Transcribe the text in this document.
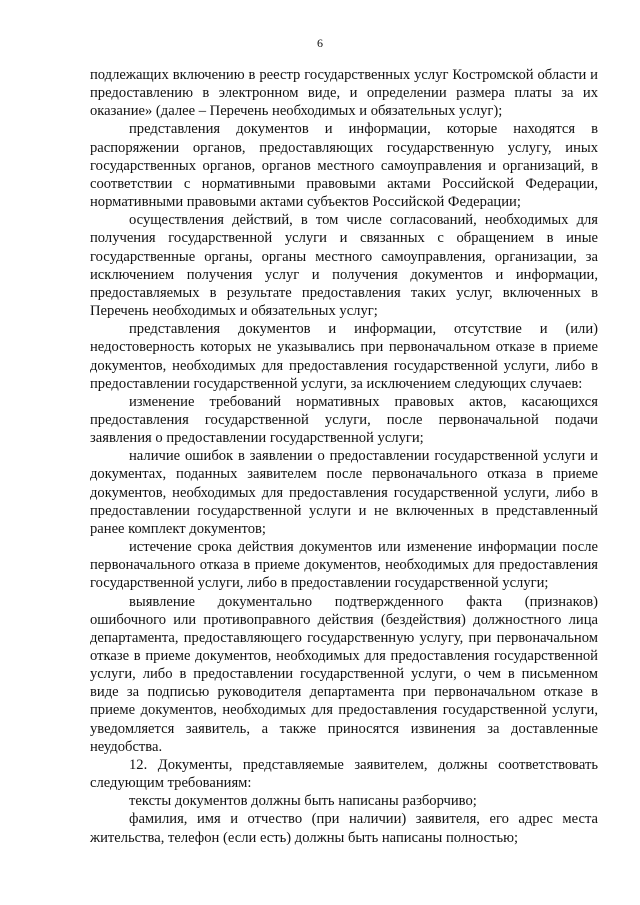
6

подлежащих включению в реестр государственных услуг Костромской области и предоставлению в электронном виде, и определении размера платы за их оказание» (далее – Перечень необходимых и обязательных услуг);

представления документов и информации, которые находятся в распоряжении органов, предоставляющих государственную услугу, иных государственных органов, органов местного самоуправления и организаций, в соответствии с нормативными правовыми актами Российской Федерации, нормативными правовыми актами субъектов Российской Федерации;

осуществления действий, в том числе согласований, необходимых для получения государственной услуги и связанных с обращением в иные государственные органы, органы местного самоуправления, организации, за исключением получения услуг и получения документов и информации, предоставляемых в результате предоставления таких услуг, включенных в Перечень необходимых и обязательных услуг;

представления документов и информации, отсутствие и (или) недостоверность которых не указывались при первоначальном отказе в приеме документов, необходимых для предоставления государственной услуги, либо в предоставлении государственной услуги, за исключением следующих случаев:

изменение требований нормативных правовых актов, касающихся предоставления государственной услуги, после первоначальной подачи заявления о предоставлении государственной услуги;

наличие ошибок в заявлении о предоставлении государственной услуги и документах, поданных заявителем после первоначального отказа в приеме документов, необходимых для предоставления государственной услуги, либо в предоставлении государственной услуги и не включенных в представленный ранее комплект документов;

истечение срока действия документов или изменение информации после первоначального отказа в приеме документов, необходимых для предоставления государственной услуги, либо в предоставлении государственной услуги;

выявление документально подтвержденного факта (признаков) ошибочного или противоправного действия (бездействия) должностного лица департамента, предоставляющего государственную услугу, при первоначальном отказе в приеме документов, необходимых для предоставления государственной услуги, либо в предоставлении государственной услуги, о чем в письменном виде за подписью руководителя департамента при первоначальном отказе в приеме документов, необходимых для предоставления государственной услуги, уведомляется заявитель, а также приносятся извинения за доставленные неудобства.

12. Документы, представляемые заявителем, должны соответствовать следующим требованиям:

тексты документов должны быть написаны разборчиво;

фамилия, имя и отчество (при наличии) заявителя, его адрес места жительства, телефон (если есть) должны быть написаны полностью;
